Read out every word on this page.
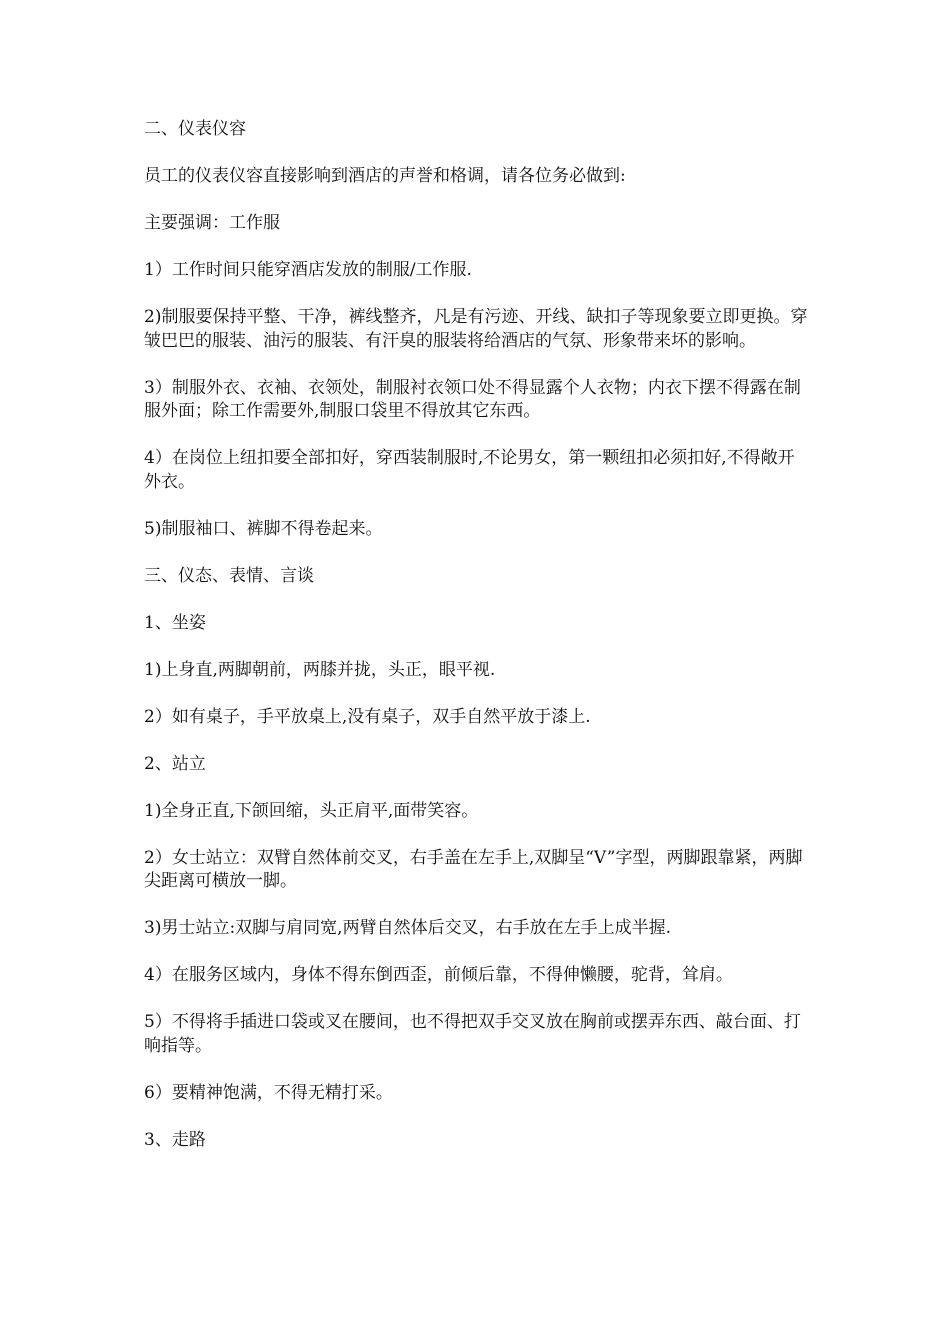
二、仪表仪容

员工的仪表仪容直接影响到酒店的声誉和格调，请各位务必做到:

主要强调：工作服

1）工作时间只能穿酒店发放的制服/工作服.

2)制服要保持平整、干净，裤线整齐，凡是有污迹、开线、缺扣子等现象要立即更换。穿皱巴巴的服装、油污的服装、有汗臭的服装将给酒店的气氛、形象带来坏的影响。

3）制服外衣、衣袖、衣领处，制服衬衣领口处不得显露个人衣物；内衣下摆不得露在制服外面；除工作需要外,制服口袋里不得放其它东西。

4）在岗位上纽扣要全部扣好，穿西装制服时,不论男女，第一颗纽扣必须扣好,不得敞开外衣。

5)制服袖口、裤脚不得卷起来。

三、仪态、表情、言谈

1、坐姿

1)上身直,两脚朝前，两膝并拢，头正，眼平视.

2）如有桌子，手平放桌上,没有桌子，双手自然平放于漆上.

2、站立

1)全身正直,下颌回缩，头正肩平,面带笑容。

2）女士站立：双臂自然体前交叉，右手盖在左手上,双脚呈“V”字型，两脚跟靠紧，两脚尖距离可横放一脚。

3)男士站立:双脚与肩同宽,两臂自然体后交叉，右手放在左手上成半握.

4）在服务区域内，身体不得东倒西歪，前倾后靠，不得伸懒腰，驼背，耸肩。

5）不得将手插进口袋或叉在腰间，也不得把双手交叉放在胸前或摆弄东西、敲台面、打响指等。

6）要精神饱满，不得无精打采。

3、走路
